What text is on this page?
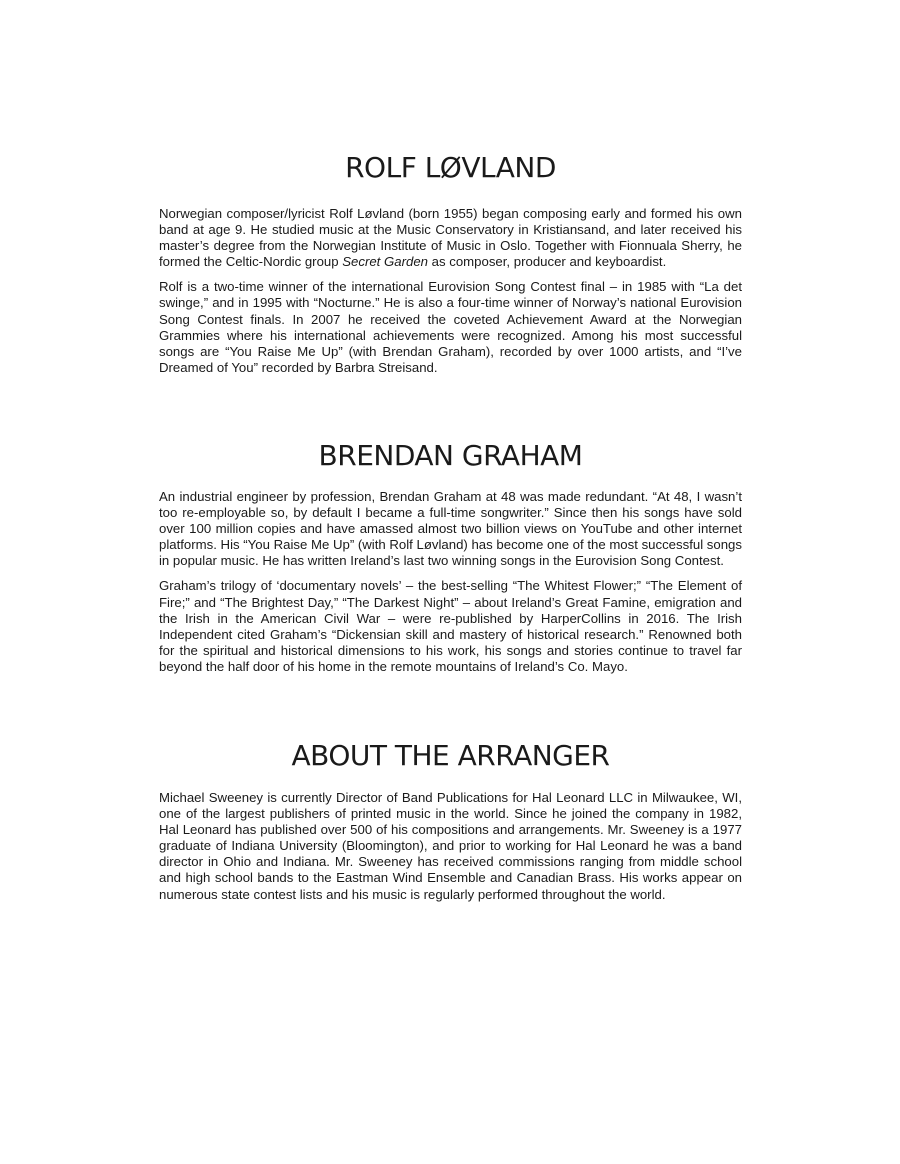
ROLF LØVLAND

Norwegian composer/lyricist Rolf Løvland (born 1955) began composing early and formed his own band at age 9. He studied music at the Music Conservatory in Kristiansand, and later received his master’s degree from the Norwegian Institute of Music in Oslo. Together with Fionnuala Sherry, he formed the Celtic-Nordic group Secret Garden as composer, producer and keyboardist.

Rolf is a two-time winner of the international Eurovision Song Contest final – in 1985 with “La det swinge,” and in 1995 with “Nocturne.” He is also a four-time winner of Norway’s national Eurovision Song Contest finals. In 2007 he received the coveted Achievement Award at the Norwegian Grammies where his international achievements were recognized. Among his most successful songs are “You Raise Me Up” (with Brendan Graham), recorded by over 1000 artists, and “I’ve Dreamed of You” recorded by Barbra Streisand.

BRENDAN GRAHAM

An industrial engineer by profession, Brendan Graham at 48 was made redundant. “At 48, I wasn’t too re-employable so, by default I became a full-time songwriter.” Since then his songs have sold over 100 million copies and have amassed almost two billion views on YouTube and other internet platforms. His “You Raise Me Up” (with Rolf Løvland) has become one of the most successful songs in popular music. He has written Ireland’s last two winning songs in the Eurovision Song Contest.

Graham’s trilogy of ‘documentary novels’ – the best-selling “The Whitest Flower;” “The Element of Fire;” and “The Brightest Day,” “The Darkest Night” – about Ireland’s Great Famine, emigration and the Irish in the American Civil War – were re-published by HarperCollins in 2016. The Irish Independent cited Graham’s “Dickensian skill and mastery of historical research.” Renowned both for the spiritual and historical dimensions to his work, his songs and stories continue to travel far beyond the half door of his home in the remote mountains of Ireland’s Co. Mayo.

ABOUT THE ARRANGER

Michael Sweeney is currently Director of Band Publications for Hal Leonard LLC in Milwaukee, WI, one of the largest publishers of printed music in the world. Since he joined the company in 1982, Hal Leonard has published over 500 of his compositions and arrangements. Mr. Sweeney is a 1977 graduate of Indiana University (Bloomington), and prior to working for Hal Leonard he was a band director in Ohio and Indiana. Mr. Sweeney has received commissions ranging from middle school and high school bands to the Eastman Wind Ensemble and Canadian Brass. His works appear on numerous state contest lists and his music is regularly performed throughout the world.
